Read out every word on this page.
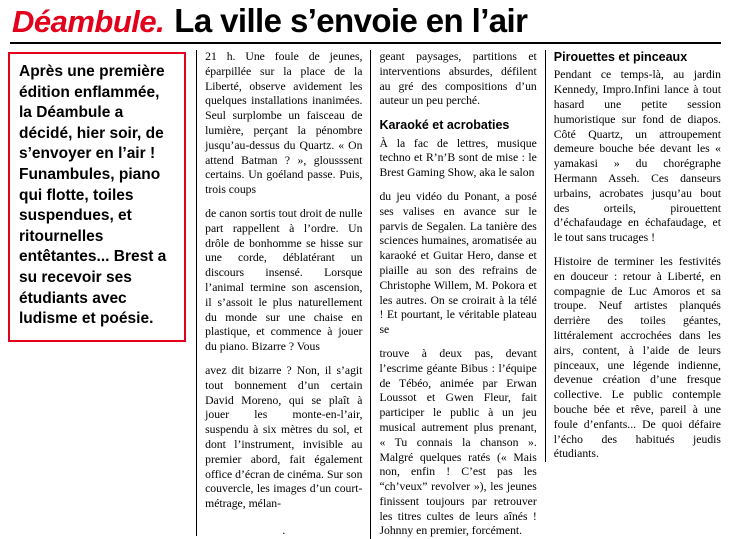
Déambule. La ville s’envoie en l’air

Après une première édition enflammée, la Déambule a décidé, hier soir, de s’envoyer en l’air ! Funambules, piano qui flotte, toiles suspendues, et ritournelles entêtantes... Brest a su recevoir ses étudiants avec ludisme et poésie.

21 h. Une foule de jeunes, éparpillée sur la place de la Liberté, observe avidement les quelques installations inanimées. Seul surplombe un faisceau de lumière, perçant la pénombre jusqu’au-dessus du Quartz. « On attend Batman ? », glousssent certains. Un goéland passe. Puis, trois coups

de canon sortis tout droit de nulle part rappellent à l’ordre. Un drôle de bonhomme se hisse sur une corde, déblatérant un discours insensé. Lorsque l’animal termine son ascension, il s’assoit le plus naturellement du monde sur une chaise en plastique, et commence à jouer du piano. Bizarre ? Vous

avez dit bizarre ? Non, il s’agit tout bonnement d’un certain David Moreno, qui se plaît à jouer les monte-en-l’air, suspendu à six mètres du sol, et dont l’instrument, invisible au premier abord, fait également office d’écran de cinéma. Sur son couvercle, les images d’un court-métrage, mélan-

.

geant paysages, partitions et interventions absurdes, défilent au gré des compositions d’un auteur un peu perché.

Karaoké et acrobaties

À la fac de lettres, musique techno et R’n’B sont de mise : le Brest Gaming Show, aka le salon

du jeu vidéo du Ponant, a posé ses valises en avance sur le parvis de Segalen. La tanière des sciences humaines, aromatisée au karaoké et Guitar Hero, danse et piaille au son des refrains de Christophe Willem, M. Pokora et les autres. On se croirait à la télé ! Et pourtant, le véritable plateau se

trouve à deux pas, devant l’escrime géante Bibus : l’équipe de Tébéo, animée par Erwan Loussot et Gwen Fleur, fait participer le public à un jeu musical autrement plus prenant, « Tu connais la chanson ». Malgré quelques ratés (« Mais non, enfin ! C’est pas les “ch’veux” revolver »), les jeunes finissent toujours par retrouver les titres cultes de leurs aînés ! Johnny en premier, forcément.

Pirouettes et pinceaux

Pendant ce temps-là, au jardin Kennedy, Impro.Infini lance à tout hasard une petite session humoristique sur fond de diapos. Côté Quartz, un attroupement demeure bouche bée devant les « yamakasi » du chorégraphe Hermann Asseh. Ces danseurs urbains, acrobates jusqu’au bout des orteils, pirouettent d’échafaudage en échafaudage, et le tout sans trucages !

Histoire de terminer les festivités en douceur : retour à Liberté, en compagnie de Luc Amoros et sa troupe. Neuf artistes planqués derrière des toiles géantes, littéralement accrochées dans les airs, content, à l’aide de leurs pinceaux, une légende indienne, devenue création d’une fresque collective. Le public contemple bouche bée et rêve, pareil à une foule d’enfants... De quoi défaire l’écho des habitués jeudis étudiants.
